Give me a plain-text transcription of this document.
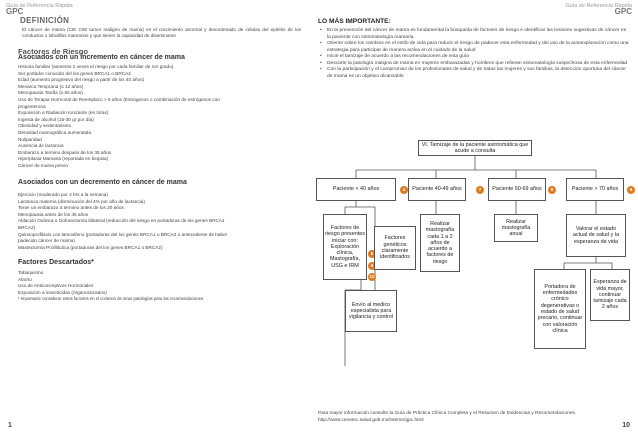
Guía de Referencia Rápida
GPC
Guía de Referencia Rápida
GPC
DEFINICIÓN
El cáncer de mama (CIE C50 tumor maligno de mama) es el crecimiento anormal y desordenado de células del epitelio de los conductos o lobulillos mamarios y que tienen la capacidad de diseminarse
Factores de Riesgo
Asociados con un incremento en cáncer de mama
Historia familiar (aumento 2 veces el riesgo por cada familiar de 1er grado)
Ser portador conocido del los genes BRCA1 o BRCA2
Edad (aumento progresivo del riesgo a partir de los 40 años)
Menarca Temprana (≤ 12 años)
Menopausia Tardía (≥ 55 años)
Uso de Terapia Hormonal de Reemplazo > 5 años (Estrógenos o combinación de estrógenos con
progesterona
Exposición a Radiación Ionizante (en tórax)
Ingesta de alcohol (15-30 gr por día)
Obesidad y sedentarismo
Densidad mamográfica aumentada
Nuliparidad
Ausencia de lactancia
Embarazo a termino después de los 35 años
Hiperplasia Mamaria (reportada en biopsia)
Cáncer de mama previo
Asociados con un decremento en cáncer de mama
Ejercicio (moderado por 4 hrs a la semana)
Lactancia materna (disminución del 4% por año de lactancia)
Tener un embarazo a termino antes de los 20 años
Menopausia antes de los 35 años
Ablación Ovárica u Ooforectomía bilateral (reducción del riesgo en portadoras de los genes BRCA1
BRCA2)
Quimioprofilaxis con tamoxifeno (portadoras del los genes BRCA1 o BRCA2 o antecedente de haber
padecido cáncer de mama)
Mastectomía Profiláctica (portadoras del los genes BRCA1 o BRCA2)
Factores Descartados*
Tabaquismo
Aborto
Uso de Anticonceptivos Hormonales
Exposición a insecticidas (órganoclorados)
* Importante considerar estos factores en el contexto de otras patologías para las recomendaciones
LO MÁS IMPORTANTE:
• En la prevención del cáncer de mama es fundamental la búsqueda de factores de riesgo e identificar las lesiones sugestivas de cáncer en la paciente con sintomatología mamaria
• Oriente sobre los cambios en el estilo de vida para reducir el riesgo de padecer esta enfermedad y del uso de la autoexploración como una estrategia para participar de manera activa en el cuidado de la salud
• Inicie el tamizaje de acuerdo a las recomendaciones de esta guía
• Descarte la patología maligna de mama en mujeres embarazadas y hombres que refieran sintomatología sospechosa de esta enfermedad
• Con la participación y el compromiso de los profesionales de salud y de todas las mujeres y sus familias, la detección oportuna del cáncer de mama es un objetivo alcanzable
VI. Tamizaje de la paciente asintomática que acude a consulta
Paciente < 40 años	Paciente 40-49 años	Paciente 50-69 años	Paciente > 70 años
4	7	8	9
Factores de riesgo presentes iniciar con: Exploración clínica, Mastografía, USG e IRM
5
6
10
Factores genéticos claramente identificados
Envío al medico especialista para vigilancia y control
Realizar mastografía cada 1 a 2 años de acuerdo a factores de riesgo
Realizar mastografía anual
Valorar el estado actual de salud y la esperanza de vida
Portadora de enfermedades crónico degenerativas o estado de salud precario, continuar con valoración clínica
Esperanza de vida mayor, continuar tamizaje cada 2 años
Para mayor información consulte la Guía de Práctica Clínica Completa y el Resumen de Evidencias y Recomendaciones. http://www.cenetec.salud.gob.mx/interior/gpc.html
1	10
